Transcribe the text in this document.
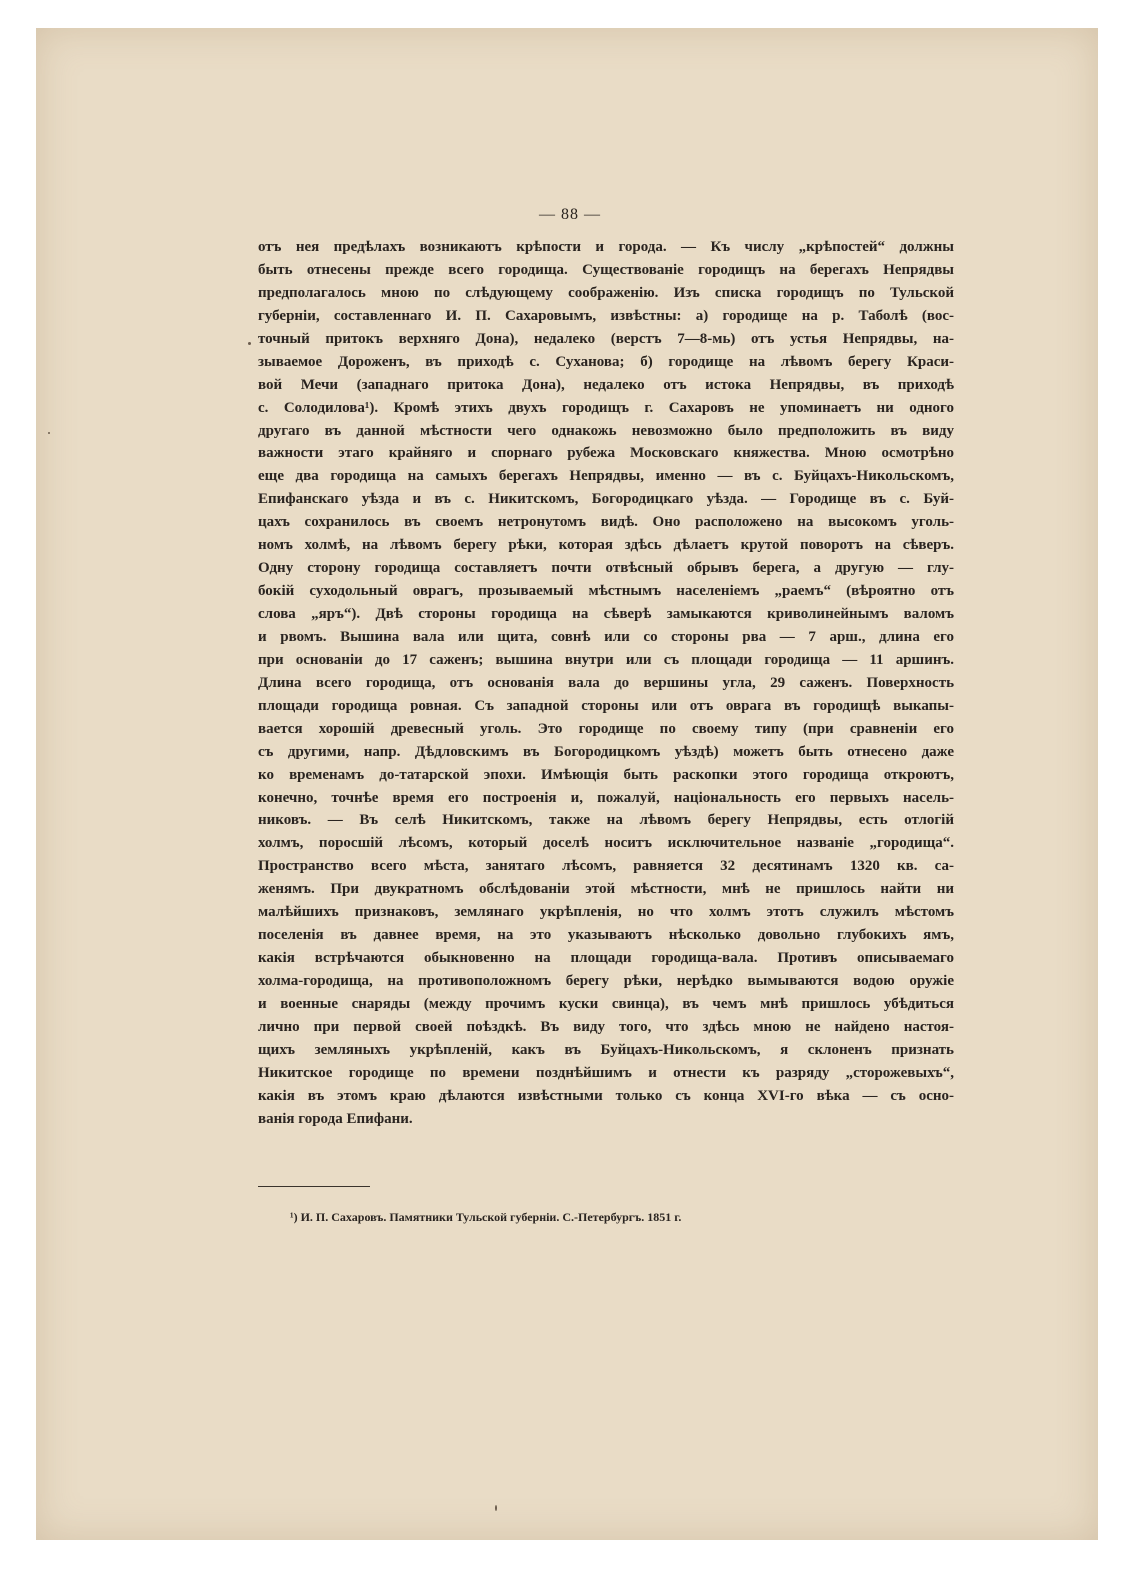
— 88 —
отъ нея предѣлахъ возникаютъ крѣпости и города. — Къ числу „крѣпостей“ должны
быть отнесены прежде всего городища. Существованіе городищъ на берегахъ Непрядвы
предполагалось мною по слѣдующему соображенію. Изъ списка городищъ по Тульской
губерніи, составленнаго И. П. Сахаровымъ, извѣстны: а) городище на р. Таболѣ (вос-
точный притокъ верхняго Дона), недалеко (верстъ 7—8-мь) отъ устья Непрядвы, на-
зываемое Дороженъ, въ приходѣ с. Суханова; б) городище на лѣвомъ берегу Краси-
вой Мечи (западнаго притока Дона), недалеко отъ истока Непрядвы, въ приходѣ
с. Солодилова¹). Кромѣ этихъ двухъ городищъ г. Сахаровъ не упоминаетъ ни одного
другаго въ данной мѣстности чего однакожь невозможно было предположить въ виду
важности этаго крайняго и спорнаго рубежа Московскаго княжества. Мною осмотрѣно
еще два городища на самыхъ берегахъ Непрядвы, именно — въ с. Буйцахъ-Никольскомъ,
Епифанскаго уѣзда и въ с. Никитскомъ, Богородицкаго уѣзда. — Городище въ с. Буй-
цахъ сохранилось въ своемъ нетронутомъ видѣ. Оно расположено на высокомъ уголь-
номъ холмѣ, на лѣвомъ берегу рѣки, которая здѣсь дѣлаетъ крутой поворотъ на сѣверъ.
Одну сторону городища составляетъ почти отвѣсный обрывъ берега, а другую — глу-
бокій суходольный оврагъ, прозываемый мѣстнымъ населеніемъ „раемъ“ (вѣроятно отъ
слова „яръ“). Двѣ стороны городища на сѣверѣ замыкаются криволинейнымъ валомъ
и рвомъ. Вышина вала или щита, совнѣ или со стороны рва — 7 арш., длина его
при основаніи до 17 саженъ; вышина внутри или съ площади городища — 11 аршинъ.
Длина всего городища, отъ основанія вала до вершины угла, 29 саженъ. Поверхность
площади городища ровная. Съ западной стороны или отъ оврага въ городищѣ выкапы-
вается хорошій древесный уголь. Это городище по своему типу (при сравненіи его
съ другими, напр. Дѣдловскимъ въ Богородицкомъ уѣздѣ) можетъ быть отнесено даже
ко временамъ до-татарской эпохи. Имѣющія быть раскопки этого городища откроютъ,
конечно, точнѣе время его построенія и, пожалуй, національность его первыхъ насель-
никовъ. — Въ селѣ Никитскомъ, также на лѣвомъ берегу Непрядвы, есть отлогій
холмъ, поросшій лѣсомъ, который доселѣ носитъ исключительное названіе „городища“.
Пространство всего мѣста, занятаго лѣсомъ, равняется 32 десятинамъ 1320 кв. са-
женямъ. При двукратномъ обслѣдованіи этой мѣстности, мнѣ не пришлось найти ни
малѣйшихъ признаковъ, землянаго укрѣпленія, но что холмъ этотъ служилъ мѣстомъ
поселенія въ давнее время, на это указываютъ нѣсколько довольно глубокихъ ямъ,
какія встрѣчаются обыкновенно на площади городища-вала. Противъ описываемаго
холма-городища, на противоположномъ берегу рѣки, нерѣдко вымываются водою оружіе
и военные снаряды (между прочимъ куски свинца), въ чемъ мнѣ пришлось убѣдиться
лично при первой своей поѣздкѣ. Въ виду того, что здѣсь мною не найдено настоя-
щихъ земляныхъ укрѣпленій, какъ въ Буйцахъ-Никольскомъ, я склоненъ признать
Никитское городище по времени позднѣйшимъ и отнести къ разряду „сторожевыхъ“,
какія въ этомъ краю дѣлаются извѣстными только съ конца XVI-го вѣка — съ осно-
ванія города Епифани.
¹) И. П. Сахаровъ. Памятники Тульской губерніи. С.-Петербургъ. 1851 г.
